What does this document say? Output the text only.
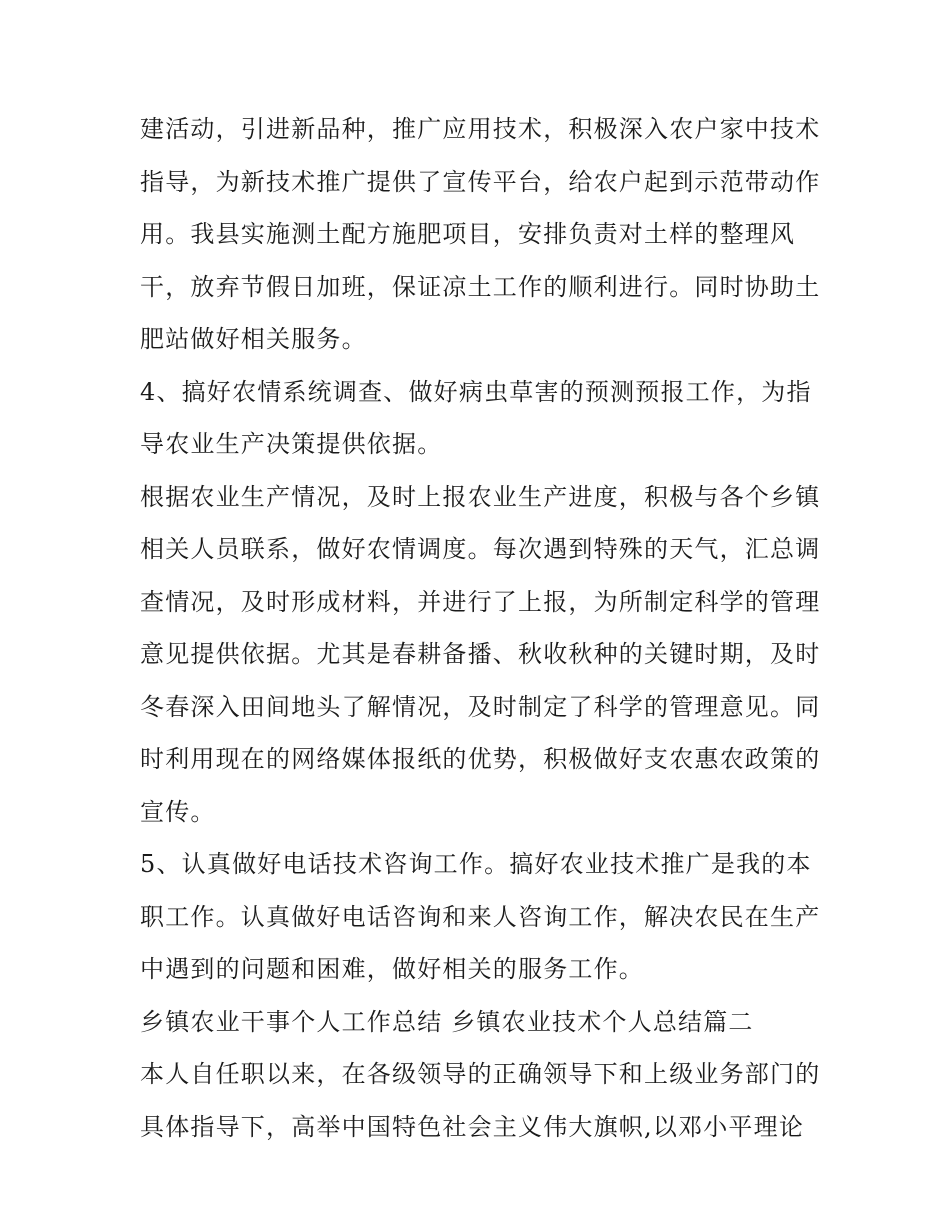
建活动，引进新品种，推广应用技术，积极深入农户家中技术
指导，为新技术推广提供了宣传平台，给农户起到示范带动作
用。我县实施测土配方施肥项目，安排负责对土样的整理风
干，放弃节假日加班，保证凉土工作的顺利进行。同时协助土
肥站做好相关服务。
4、搞好农情系统调查、做好病虫草害的预测预报工作，为指
导农业生产决策提供依据。
根据农业生产情况，及时上报农业生产进度，积极与各个乡镇
相关人员联系，做好农情调度。每次遇到特殊的天气，汇总调
查情况，及时形成材料，并进行了上报，为所制定科学的管理
意见提供依据。尤其是春耕备播、秋收秋种的关键时期，及时
冬春深入田间地头了解情况，及时制定了科学的管理意见。同
时利用现在的网络媒体报纸的优势，积极做好支农惠农政策的
宣传。
5、认真做好电话技术咨询工作。搞好农业技术推广是我的本
职工作。认真做好电话咨询和来人咨询工作，解决农民在生产
中遇到的问题和困难，做好相关的服务工作。
乡镇农业干事个人工作总结 乡镇农业技术个人总结篇二
本人自任职以来，在各级领导的正确领导下和上级业务部门的
具体指导下，高举中国特色社会主义伟大旗帜,以邓小平理论
